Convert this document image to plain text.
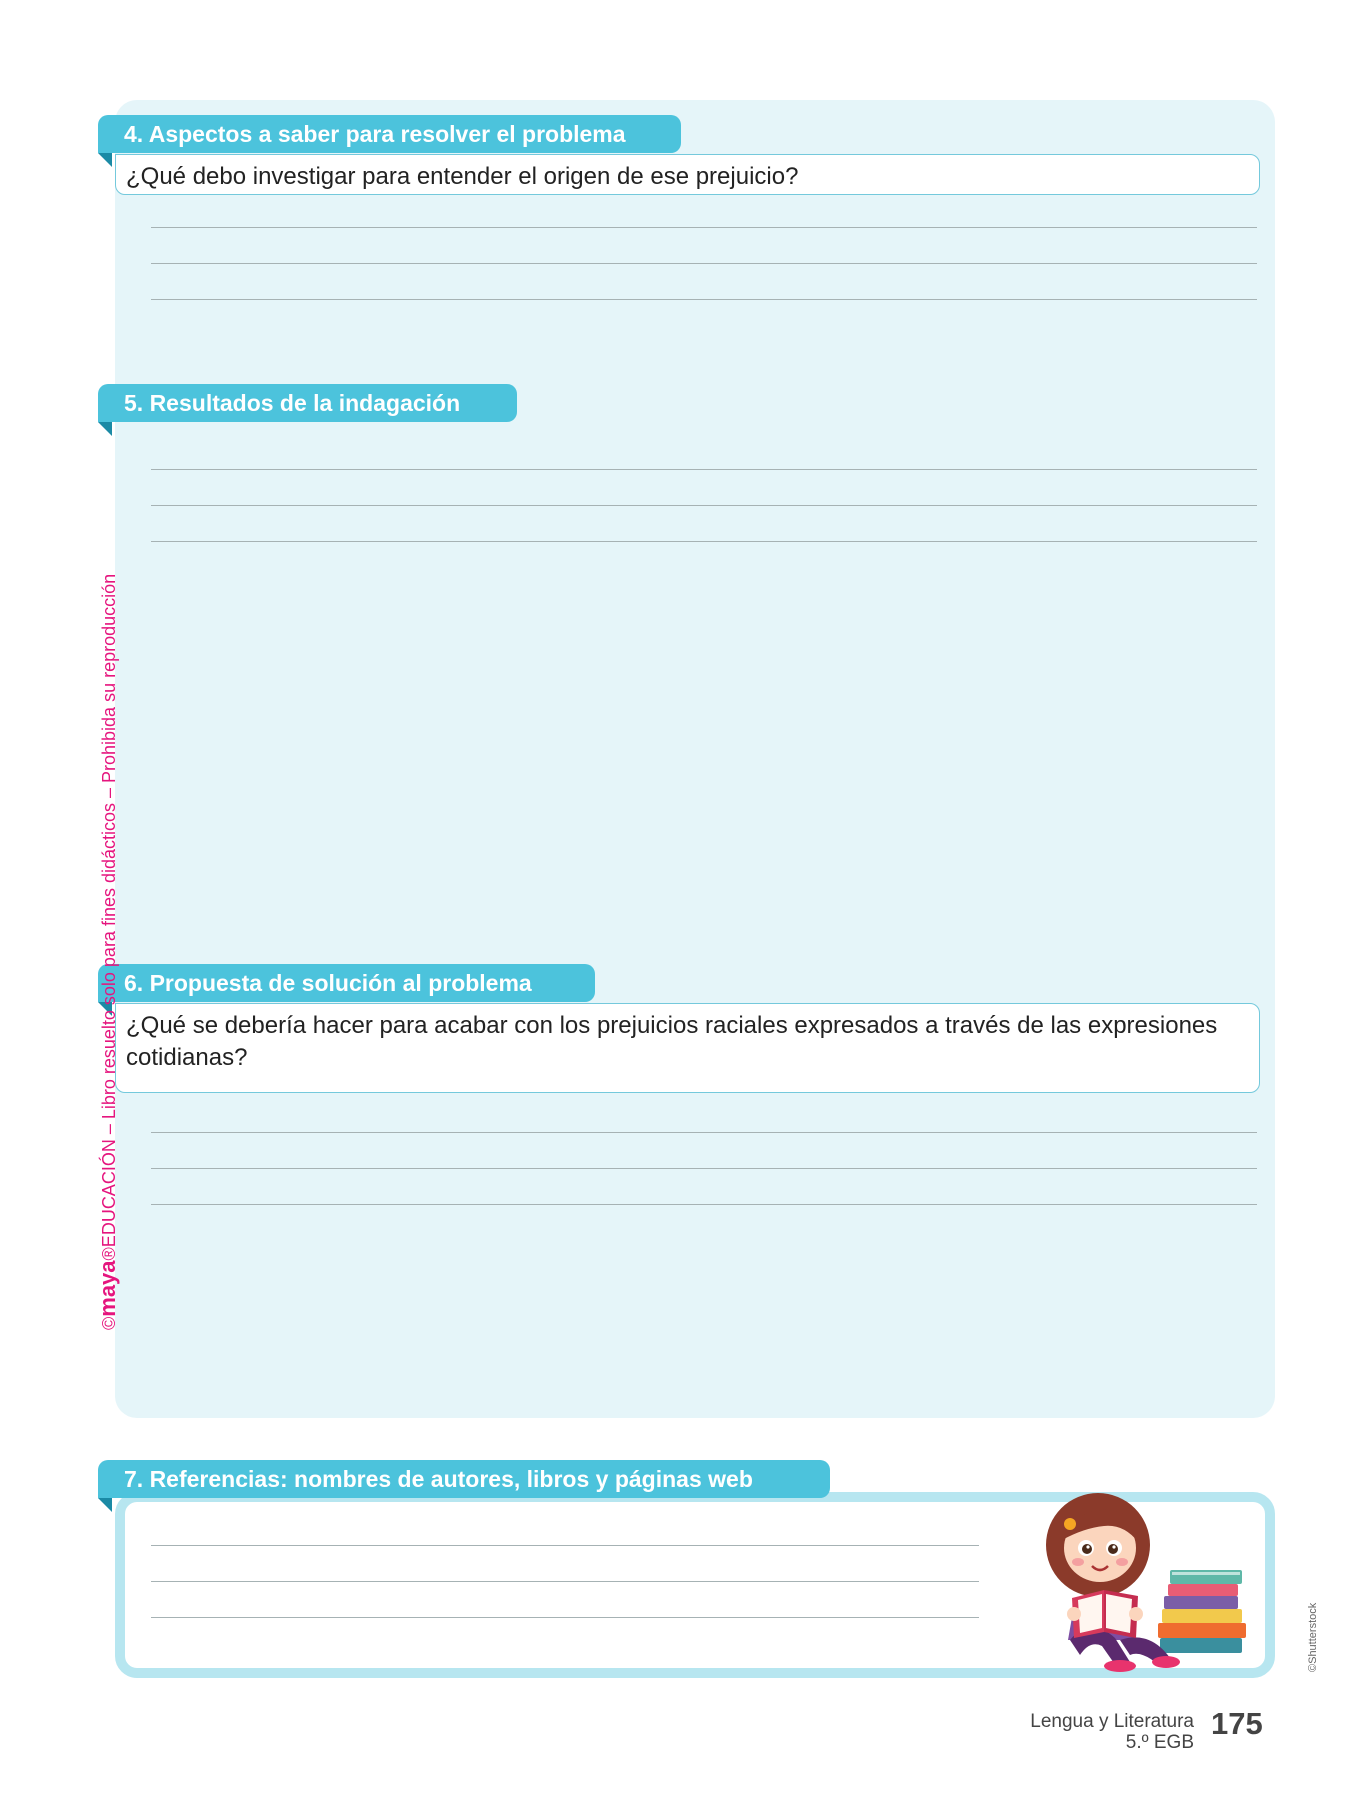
4. Aspectos a saber para resolver el problema
¿Qué debo investigar para entender el origen de ese prejuicio?
5. Resultados de la indagación
6. Propuesta de solución al problema
¿Qué se debería hacer para acabar con los prejuicios raciales expresados a través de las expresiones cotidianas?
7. Referencias: nombres de autores, libros y páginas web
©maya®EDUCACIÓN – Libro resuelto solo para fines didácticos – Prohibida su reproducción
©Shutterstock
Lengua y Literatura
5.º EGB
175
